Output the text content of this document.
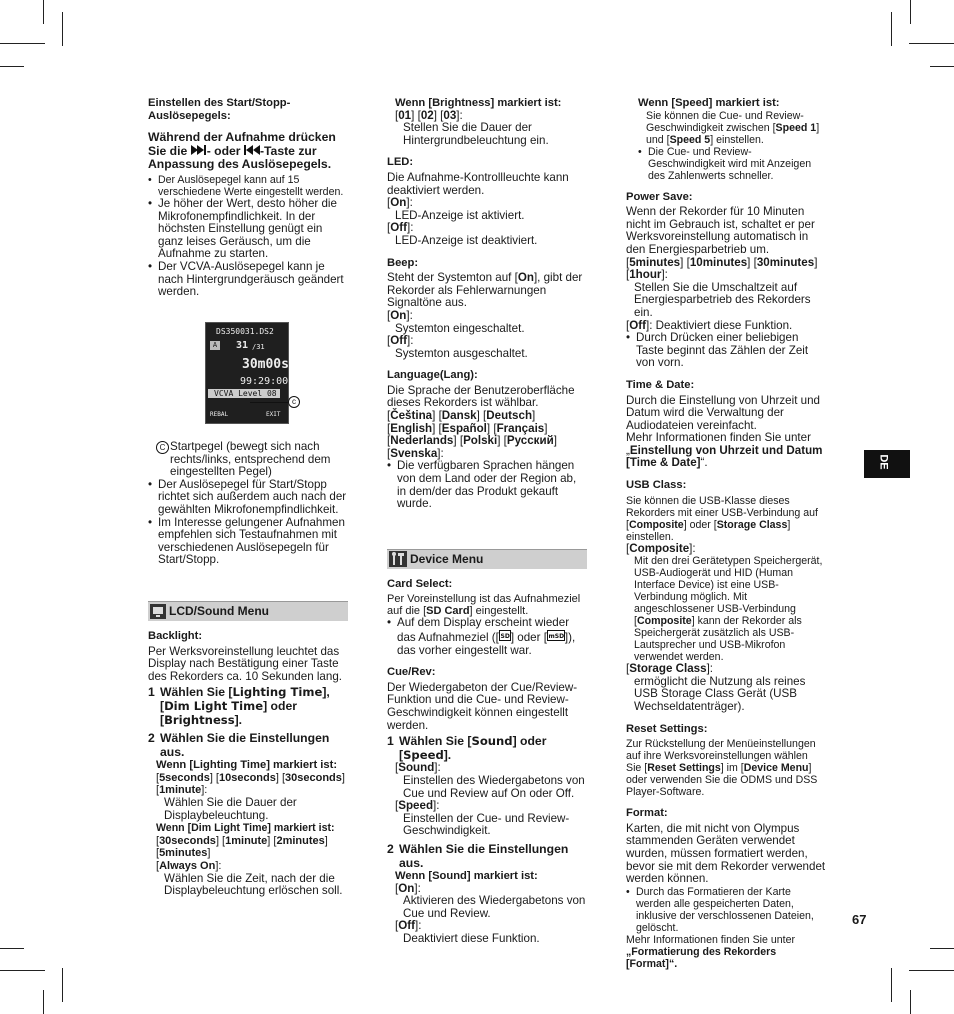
Einstellen des Start/Stopp-Auslösepegels:

Während der Aufnahme drücken
Sie die - oder -Taste zur
Anpassung des Auslösepegels.

• Der Auslösepegel kann auf 15 verschiedene Werte eingestellt werden.

• Je höher der Wert, desto höher die Mikrofonempfindlichkeit. In der höchsten Einstellung genügt ein ganz leises Geräusch, um die Aufnahme zu starten.

• Der VCVA-Auslösepegel kann je nach Hintergrundgeräusch geändert werden.

DS350031.DS2
A 31 /31
30m00s
99:29:00
VCVA Level 08
REBAL	EXIT
c

C Startpegel (bewegt sich nach rechts/links, entsprechend dem eingestellten Pegel)

• Der Auslösepegel für Start/Stopp richtet sich außerdem auch nach der gewählten Mikrofonempfindlichkeit.

• Im Interesse gelungener Aufnahmen empfehlen sich Testaufnahmen mit verschiedenen Auslösepegeln für Start/Stopp.

LCD/Sound Menu

Backlight:

Per Werksvoreinstellung leuchtet das Display nach Bestätigung einer Taste des Rekorders ca. 10 Sekunden lang.

1 Wählen Sie [Lighting Time],
[Dim Light Time] oder
[Brightness].

2 Wählen Sie die Einstellungen aus.

Wenn [Lighting Time] markiert ist:

[5seconds] [10seconds] [30seconds]
[1minute]:

Wählen Sie die Dauer der Displaybeleuchtung.

Wenn [Dim Light Time] markiert ist:

[30seconds] [1minute] [2minutes]
[5minutes]
[Always On]:

Wählen Sie die Zeit, nach der die Displaybeleuchtung erlöschen soll.

Wenn [Brightness] markiert ist:

[01] [02] [03]:

Stellen Sie die Dauer der Hintergrundbeleuchtung ein.

LED:

Die Aufnahme-Kontrollleuchte kann deaktiviert werden.

[On]:

LED-Anzeige ist aktiviert.

[Off]:

LED-Anzeige ist deaktiviert.

Beep:

Steht der Systemton auf [On], gibt der Rekorder als Fehlerwarnungen Signaltöne aus.

[On]:

Systemton eingeschaltet.

[Off]:

Systemton ausgeschaltet.

Language(Lang):

Die Sprache der Benutzeroberfläche dieses Rekorders ist wählbar.

[Čeština] [Dansk] [Deutsch]
[English] [Español] [Français]
[Nederlands] [Polski] [Русский]
[Svenska]:

• Die verfügbaren Sprachen hängen von dem Land oder der Region ab, in dem/der das Produkt gekauft wurde.

Device Menu

Card Select:

Per Voreinstellung ist das Aufnahmeziel auf die [SD Card] eingestellt.

• Auf dem Display erscheint wieder das Aufnahmeziel ([ SD ] oder [ mSD ]), das vorher eingestellt war.

Cue/Rev:

Der Wiedergabeton der Cue/Review-Funktion und die Cue- und Review-Geschwindigkeit können eingestellt werden.

1 Wählen Sie [Sound] oder [Speed].

[Sound]:

Einstellen des Wiedergabetons von Cue und Review auf On oder Off.

[Speed]:

Einstellen der Cue- und Review-Geschwindigkeit.

2 Wählen Sie die Einstellungen aus.

Wenn [Sound] markiert ist:

[On]:

Aktivieren des Wiedergabetons von Cue und Review.

[Off]:

Deaktiviert diese Funktion.

Wenn [Speed] markiert ist:

Sie können die Cue- und Review-Geschwindigkeit zwischen [Speed 1] und [Speed 5] einstellen.

• Die Cue- und Review-Geschwindigkeit wird mit Anzeigen des Zahlenwerts schneller.

Power Save:

Wenn der Rekorder für 10 Minuten nicht im Gebrauch ist, schaltet er per Werksvoreinstellung automatisch in den Energiesparbetrieb um.

[5minutes] [10minutes] [30minutes]
[1hour]:

Stellen Sie die Umschaltzeit auf Energiesparbetrieb des Rekorders ein.

[Off]: Deaktiviert diese Funktion.

• Durch Drücken einer beliebigen Taste beginnt das Zählen der Zeit von vorn.

Time & Date:

Durch die Einstellung von Uhrzeit und Datum wird die Verwaltung der Audiodateien vereinfacht.

Mehr Informationen finden Sie unter „Einstellung von Uhrzeit und Datum [Time & Date]“.

USB Class:

Sie können die USB-Klasse dieses Rekorders mit einer USB-Verbindung auf [Composite] oder [Storage Class] einstellen.

[Composite]:

Mit den drei Gerätetypen Speichergerät, USB-Audiogerät und HID (Human Interface Device) ist eine USB-Verbindung möglich. Mit angeschlossener USB-Verbindung [Composite] kann der Rekorder als Speichergerät zusätzlich als USB-Lautsprecher und USB-Mikrofon verwendet werden.

[Storage Class]:

ermöglicht die Nutzung als reines USB Storage Class Gerät (USB Wechseldatenträger).

Reset Settings:

Zur Rückstellung der Menüeinstellungen auf ihre Werksvoreinstellungen wählen Sie [Reset Settings] im [Device Menu] oder verwenden Sie die ODMS und DSS Player-Software.

Format:

Karten, die mit nicht von Olympus stammenden Geräten verwendet wurden, müssen formatiert werden, bevor sie mit dem Rekorder verwendet werden können.

• Durch das Formatieren der Karte werden alle gespeicherten Daten, inklusive der verschlossenen Dateien, gelöscht.

Mehr Informationen finden Sie unter

„Formatierung des Rekorders [Format]“.

DE
67
